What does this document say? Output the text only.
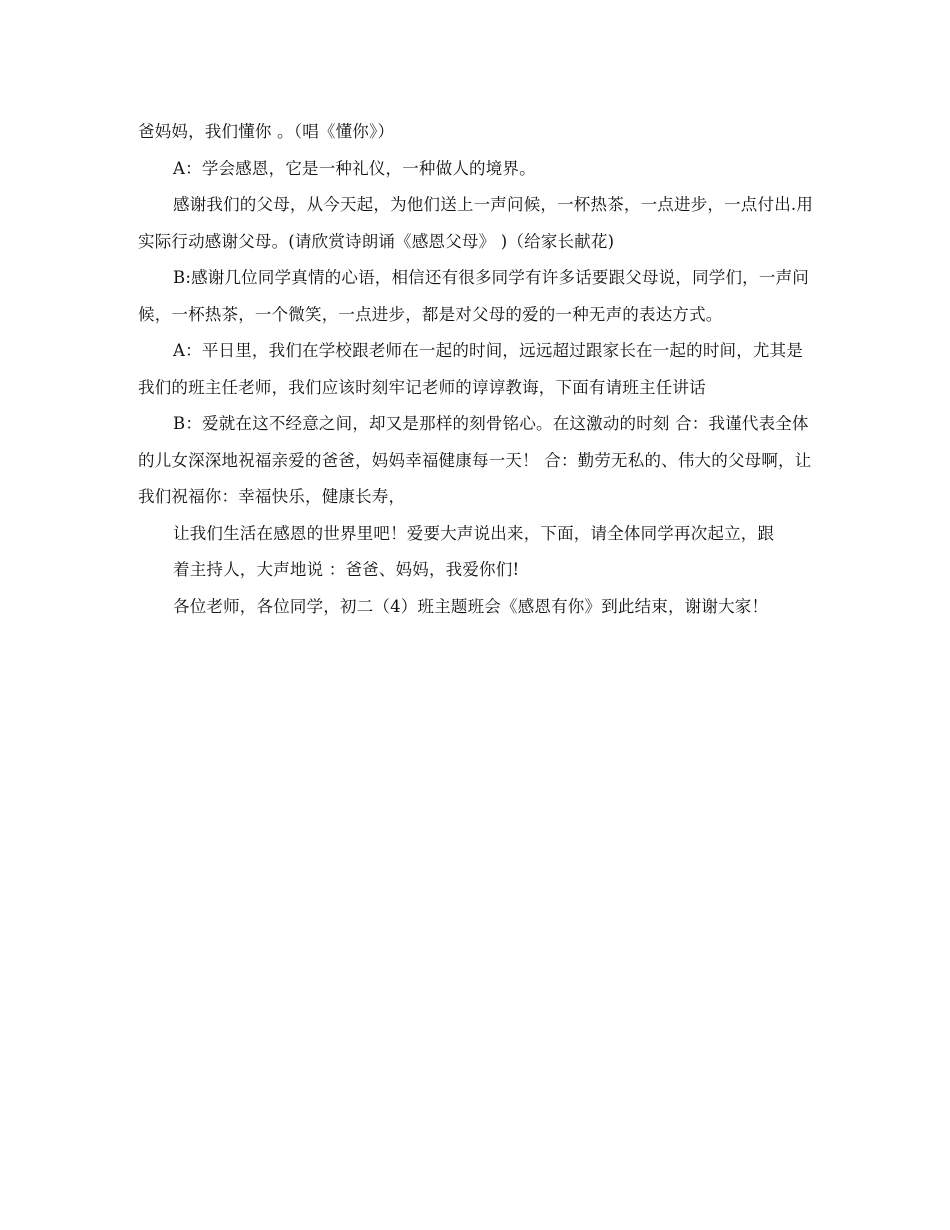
爸妈妈，我们懂你 。（唱《懂你》）

A：学会感恩，它是一种礼仪，一种做人的境界。

感谢我们的父母，从今天起，为他们送上一声问候，一杯热茶，一点进步，一点付出.用实际行动感谢父母。(请欣赏诗朗诵《感恩父母》 )（给家长献花)

B:感谢几位同学真情的心语，相信还有很多同学有许多话要跟父母说，同学们，一声问候，一杯热茶，一个微笑，一点进步，都是对父母的爱的一种无声的表达方式。

A：平日里，我们在学校跟老师在一起的时间，远远超过跟家长在一起的时间，尤其是我们的班主任老师，我们应该时刻牢记老师的谆谆教诲，下面有请班主任讲话

B：爱就在这不经意之间，却又是那样的刻骨铭心。在这激动的时刻 合：我谨代表全体的儿女深深地祝福亲爱的爸爸，妈妈幸福健康每一天！ 合：勤劳无私的、伟大的父母啊，让我们祝福你：幸福快乐，健康长寿，

让我们生活在感恩的世界里吧！爱要大声说出来，下面，请全体同学再次起立，跟

着主持人，大声地说 ：爸爸、妈妈，我爱你们!

各位老师，各位同学，初二（4）班主题班会《感恩有你》到此结束，谢谢大家！
